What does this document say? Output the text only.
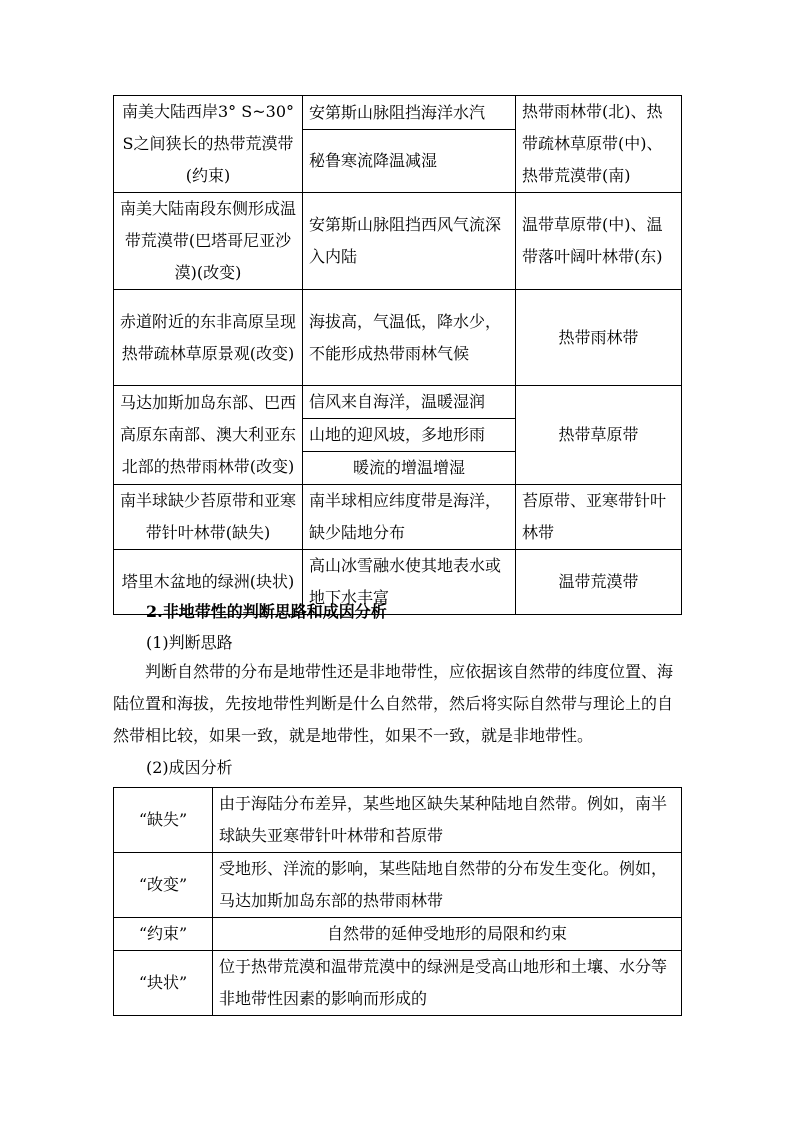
南美大陆西岸3° S~30°S之间狭长的热带荒漠带(约束)	安第斯山脉阻挡海洋水汽	热带雨林带(北)、热带疏林草原带(中)、热带荒漠带(南)
	秘鲁寒流降温减湿	
南美大陆南段东侧形成温带荒漠带(巴塔哥尼亚沙漠)(改变)	安第斯山脉阻挡西风气流深入内陆	温带草原带(中)、温带落叶阔叶林带(东)
赤道附近的东非高原呈现热带疏林草原景观(改变)	海拔高，气温低，降水少，不能形成热带雨林气候	热带雨林带
马达加斯加岛东部、巴西高原东南部、澳大利亚东北部的热带雨林带(改变)	信风来自海洋，温暖湿润	热带草原带
	山地的迎风坡，多地形雨	
	暖流的增温增湿	
南半球缺少苔原带和亚寒带针叶林带(缺失)	南半球相应纬度带是海洋，缺少陆地分布	苔原带、亚寒带针叶林带
塔里木盆地的绿洲(块状)	高山冰雪融水使其地表水或地下水丰富	温带荒漠带

2.非地带性的判断思路和成因分析

(1)判断思路

判断自然带的分布是地带性还是非地带性，应依据该自然带的纬度位置、海陆位置和海拔，先按地带性判断是什么自然带，然后将实际自然带与理论上的自然带相比较，如果一致，就是地带性，如果不一致，就是非地带性。

(2)成因分析

“缺失”	由于海陆分布差异，某些地区缺失某种陆地自然带。例如，南半球缺失亚寒带针叶林带和苔原带
“改变”	受地形、洋流的影响，某些陆地自然带的分布发生变化。例如，马达加斯加岛东部的热带雨林带
“约束”	自然带的延伸受地形的局限和约束
“块状”	位于热带荒漠和温带荒漠中的绿洲是受高山地形和土壤、水分等非地带性因素的影响而形成的
